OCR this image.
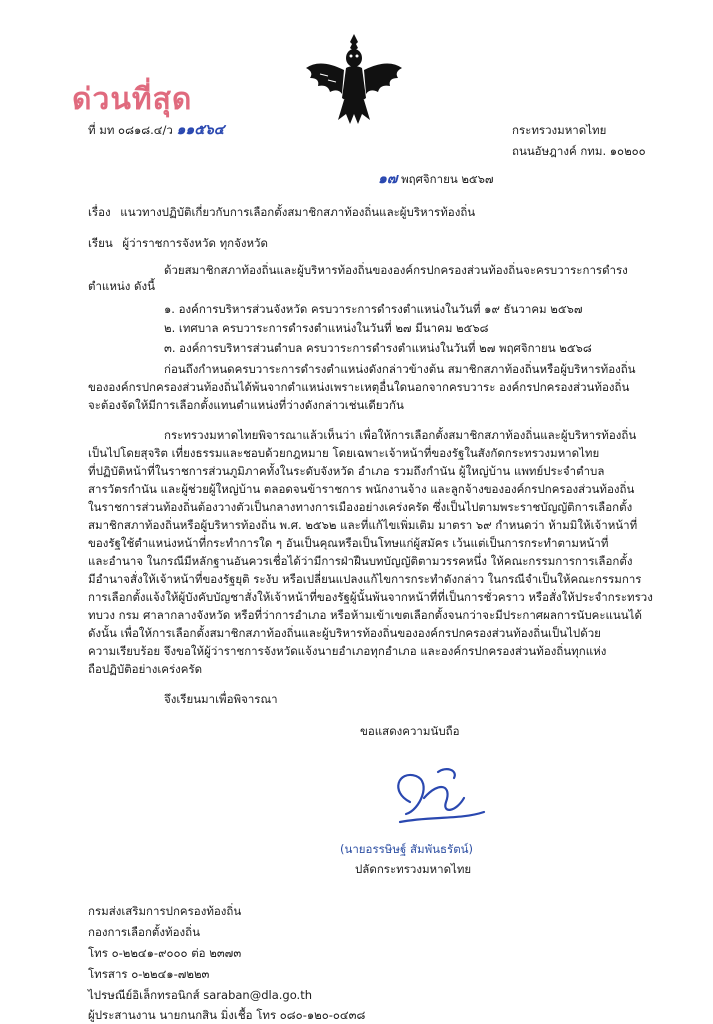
ด่วนที่สุด
ที่ มท ๐๘๑๘.๔/ว ๑๑๕๖๔	กระทรวงมหาดไทย
ถนนอัษฎางค์ กทม. ๑๐๒๐๐
๑๗ พฤศจิกายน ๒๕๖๗
เรื่อง แนวทางปฏิบัติเกี่ยวกับการเลือกตั้งสมาชิกสภาท้องถิ่นและผู้บริหารท้องถิ่น
เรียน ผู้ว่าราชการจังหวัด ทุกจังหวัด
ด้วยสมาชิกสภาท้องถิ่นและผู้บริหารท้องถิ่นขององค์กรปกครองส่วนท้องถิ่นจะครบวาระการดำรง
ตำแหน่ง ดังนี้
๑. องค์การบริหารส่วนจังหวัด ครบวาระการดำรงตำแหน่งในวันที่ ๑๙ ธันวาคม ๒๕๖๗
๒. เทศบาล ครบวาระการดำรงตำแหน่งในวันที่ ๒๗ มีนาคม ๒๕๖๘
๓. องค์การบริหารส่วนตำบล ครบวาระการดำรงตำแหน่งในวันที่ ๒๗ พฤศจิกายน ๒๕๖๘
ก่อนถึงกำหนดครบวาระการดำรงตำแหน่งดังกล่าวข้างต้น สมาชิกสภาท้องถิ่นหรือผู้บริหารท้องถิ่น
ขององค์กรปกครองส่วนท้องถิ่นได้พ้นจากตำแหน่งเพราะเหตุอื่นใดนอกจากครบวาระ องค์กรปกครองส่วนท้องถิ่น
จะต้องจัดให้มีการเลือกตั้งแทนตำแหน่งที่ว่างดังกล่าวเช่นเดียวกัน
กระทรวงมหาดไทยพิจารณาแล้วเห็นว่า เพื่อให้การเลือกตั้งสมาชิกสภาท้องถิ่นและผู้บริหารท้องถิ่น
เป็นไปโดยสุจริต เที่ยงธรรมและชอบด้วยกฎหมาย โดยเฉพาะเจ้าหน้าที่ของรัฐในสังกัดกระทรวงมหาดไทย
ที่ปฏิบัติหน้าที่ในราชการส่วนภูมิภาคทั้งในระดับจังหวัด อำเภอ รวมถึงกำนัน ผู้ใหญ่บ้าน แพทย์ประจำตำบล
สารวัตรกำนัน และผู้ช่วยผู้ใหญ่บ้าน ตลอดจนข้าราชการ พนักงานจ้าง และลูกจ้างขององค์กรปกครองส่วนท้องถิ่น
ในราชการส่วนท้องถิ่นต้องวางตัวเป็นกลางทางการเมืองอย่างเคร่งครัด ซึ่งเป็นไปตามพระราชบัญญัติการเลือกตั้ง
สมาชิกสภาท้องถิ่นหรือผู้บริหารท้องถิ่น พ.ศ. ๒๕๖๒ และที่แก้ไขเพิ่มเติม มาตรา ๖๙ กำหนดว่า ห้ามมิให้เจ้าหน้าที่
ของรัฐใช้ตำแหน่งหน้าที่กระทำการใด ๆ อันเป็นคุณหรือเป็นโทษแก่ผู้สมัคร เว้นแต่เป็นการกระทำตามหน้าที่
และอำนาจ ในกรณีมีหลักฐานอันควรเชื่อได้ว่ามีการฝ่าฝืนบทบัญญัติตามวรรคหนึ่ง ให้คณะกรรมการการเลือกตั้ง
มีอำนาจสั่งให้เจ้าหน้าที่ของรัฐยุติ ระงับ หรือเปลี่ยนแปลงแก้ไขการกระทำดังกล่าว ในกรณีจำเป็นให้คณะกรรมการ
การเลือกตั้งแจ้งให้ผู้บังคับบัญชาสั่งให้เจ้าหน้าที่ของรัฐผู้นั้นพ้นจากหน้าที่ที่เป็นการชั่วคราว หรือสั่งให้ประจำกระทรวง
ทบวง กรม ศาลากลางจังหวัด หรือที่ว่าการอำเภอ หรือห้ามเข้าเขตเลือกตั้งจนกว่าจะมีประกาศผลการนับคะแนนได้
ดังนั้น เพื่อให้การเลือกตั้งสมาชิกสภาท้องถิ่นและผู้บริหารท้องถิ่นขององค์กรปกครองส่วนท้องถิ่นเป็นไปด้วย
ความเรียบร้อย จึงขอให้ผู้ว่าราชการจังหวัดแจ้งนายอำเภอทุกอำเภอ และองค์กรปกครองส่วนท้องถิ่นทุกแห่ง
ถือปฏิบัติอย่างเคร่งครัด
จึงเรียนมาเพื่อพิจารณา
ขอแสดงความนับถือ
(นายอรรษิษฐ์ สัมพันธรัตน์)
ปลัดกระทรวงมหาดไทย
กรมส่งเสริมการปกครองท้องถิ่น
กองการเลือกตั้งท้องถิ่น
โทร ๐-๒๒๔๑-๙๐๐๐ ต่อ ๒๓๗๓
โทรสาร ๐-๒๒๔๑-๗๒๒๓
ไปรษณีย์อิเล็กทรอนิกส์ saraban@dla.go.th
ผู้ประสานงาน นายกนกสิน มิ่งเชื้อ โทร ๐๘๐-๑๒๐-๐๔๓๘
